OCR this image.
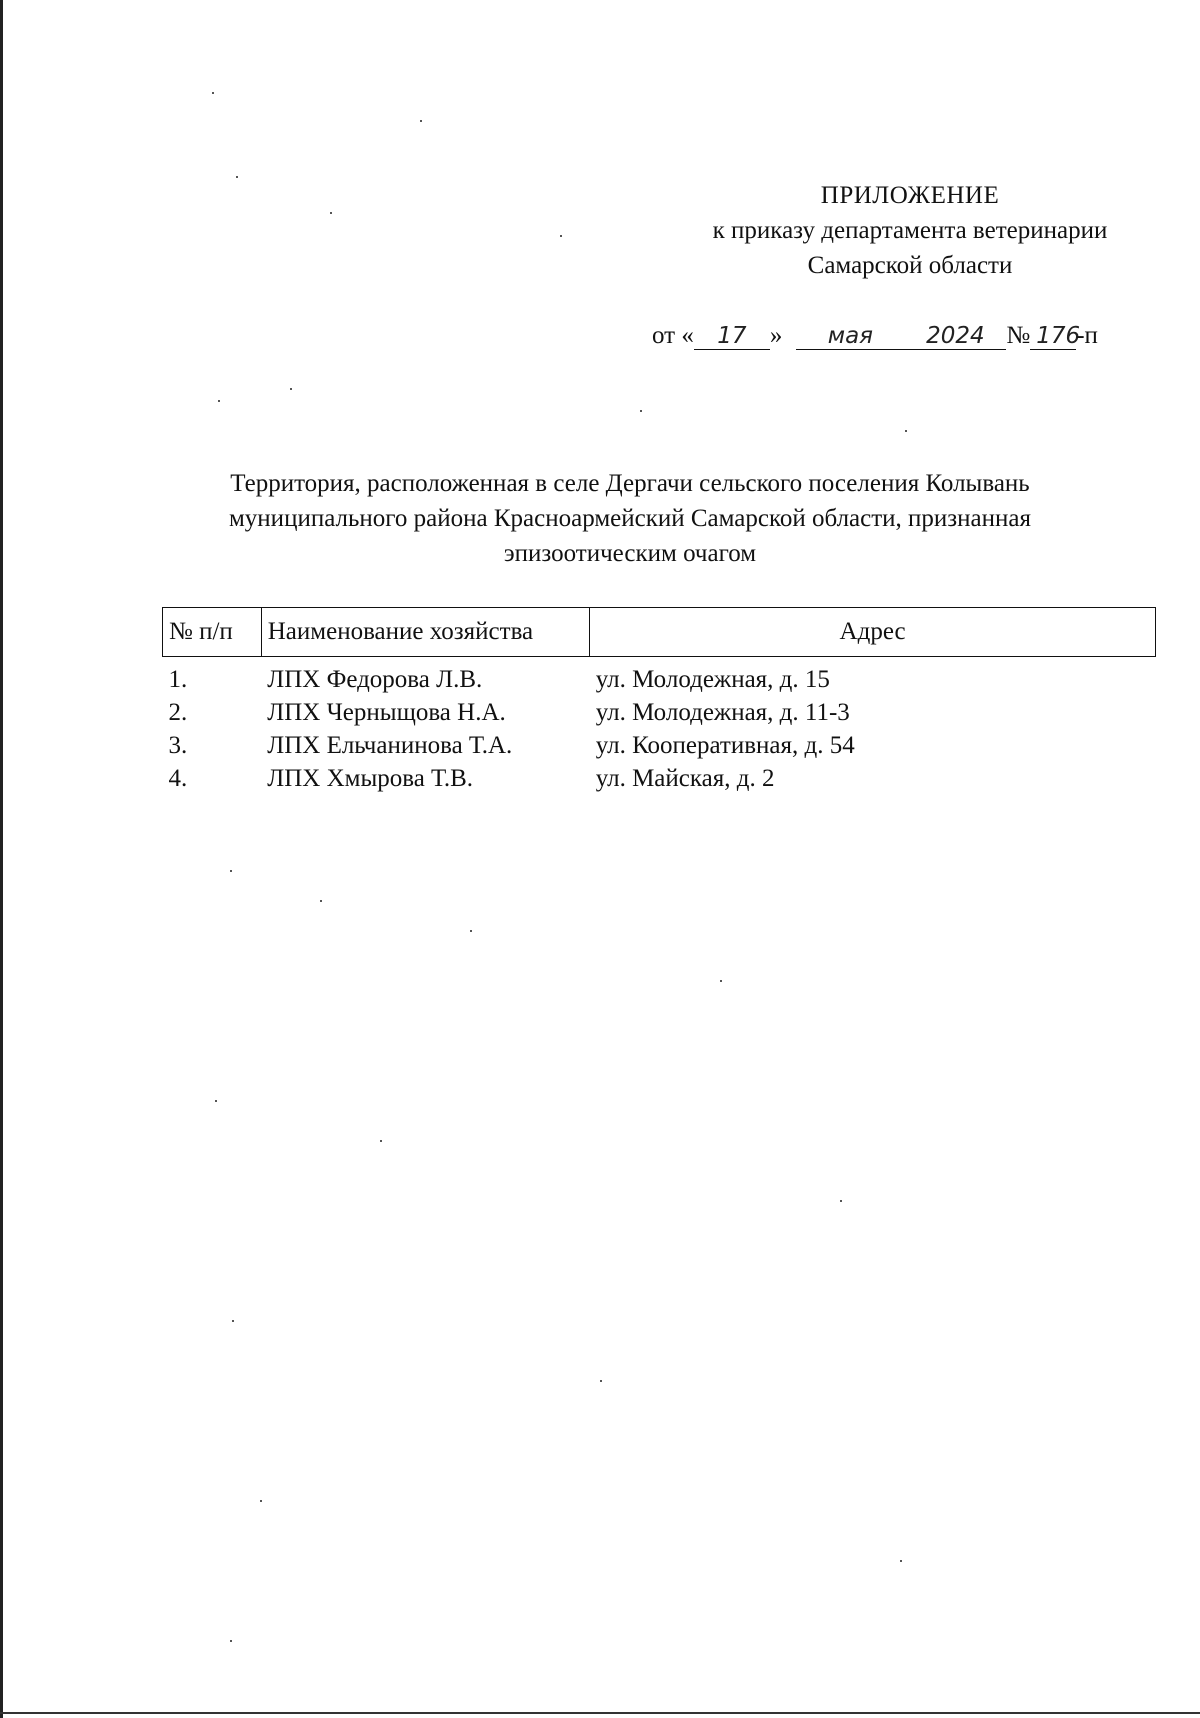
ПРИЛОЖЕНИЕ
к приказу департамента ветеринарии
Самарской области
от « 17 » мая 2024 № 176-п
Территория, расположенная в селе Дергачи сельского поселения Колывань
муниципального района Красноармейский Самарской области, признанная
эпизоотическим очагом
№ п/п	Наименование хозяйства	Адрес
1.	ЛПХ Федорова Л.В.	ул. Молодежная, д. 15
2.	ЛПХ Черныщова Н.А.	ул. Молодежная, д. 11-3
3.	ЛПХ Ельчанинова Т.А.	ул. Кооперативная, д. 54
4.	ЛПХ Хмырова Т.В.	ул. Майская, д. 2
